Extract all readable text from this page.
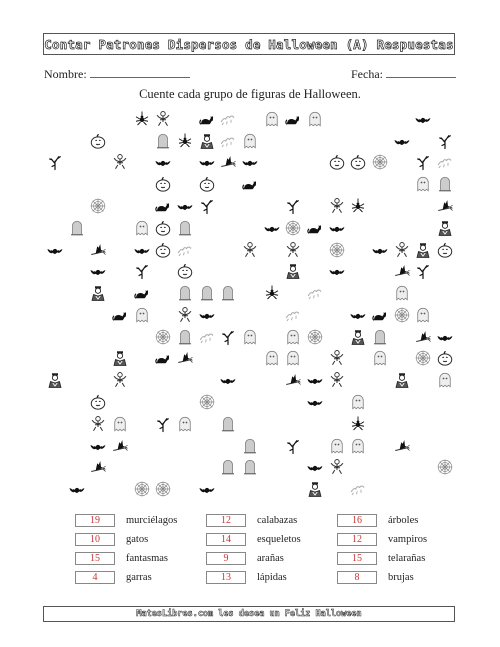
Contar Patrones Dispersos de Halloween (A) Respuestas
Nombre:	Fecha:
Cuente cada grupo de figuras de Halloween.
19	murciélagos	12	calabazas	16	árboles
10	gatos	14	esqueletos	12	vampiros
15	fantasmas	9	arañas	15	telarañas
4	garras	13	lápidas	8	brujas
MatesLibres.com les desea un Feliz Halloween
